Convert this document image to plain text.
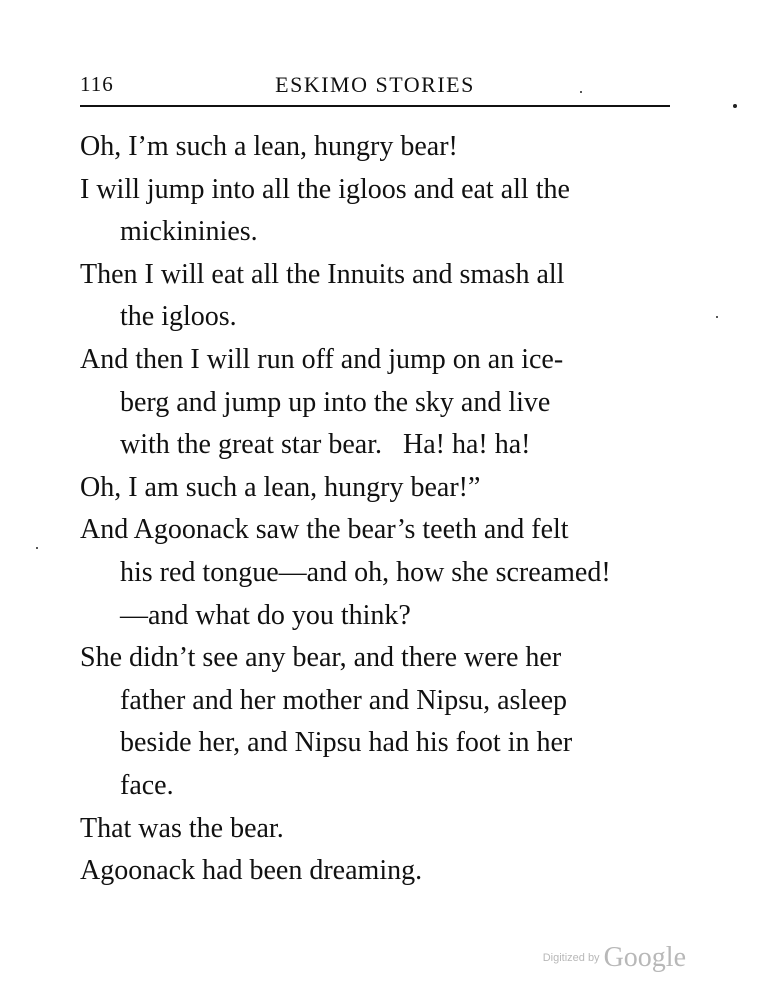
116	ESKIMO STORIES
Oh, I’m such a lean, hungry bear!
I will jump into all the igloos and eat all the
mickininies.
Then I will eat all the Innuits and smash all
the igloos.
And then I will run off and jump on an ice-
berg and jump up into the sky and live
with the great star bear.   Ha! ha! ha!
Oh, I am such a lean, hungry bear!”
And Agoonack saw the bear’s teeth and felt
his red tongue—and oh, how she screamed!
—and what do you think?
She didn’t see any bear, and there were her
father and her mother and Nipsu, asleep
beside her, and Nipsu had his foot in her
face.
That was the bear.
Agoonack had been dreaming.
Digitized by Google
